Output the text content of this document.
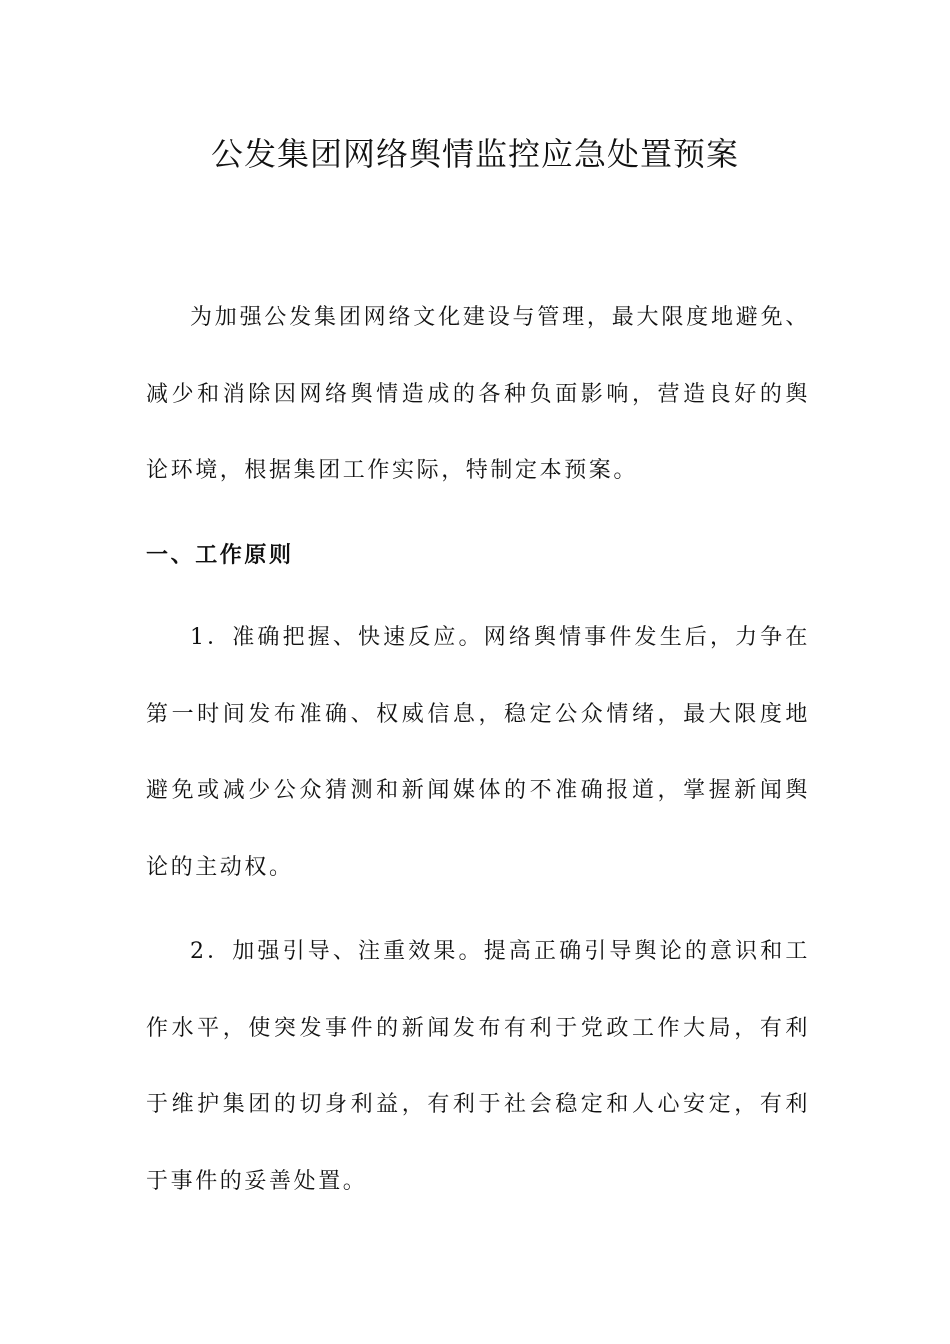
公发集团网络舆情监控应急处置预案

为加强公发集团网络文化建设与管理，最大限度地避免、减少和消除因网络舆情造成的各种负面影响，营造良好的舆论环境，根据集团工作实际，特制定本预案。

一、工作原则

1．准确把握、快速反应。网络舆情事件发生后，力争在第一时间发布准确、权威信息，稳定公众情绪，最大限度地避免或减少公众猜测和新闻媒体的不准确报道，掌握新闻舆论的主动权。

2．加强引导、注重效果。提高正确引导舆论的意识和工作水平，使突发事件的新闻发布有利于党政工作大局，有利于维护集团的切身利益，有利于社会稳定和人心安定，有利于事件的妥善处置。
